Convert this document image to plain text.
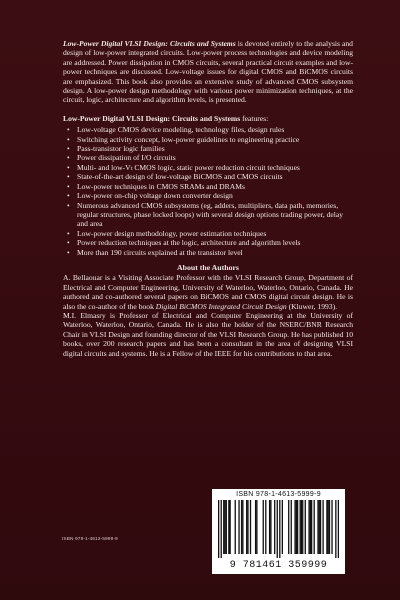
Low-Power Digital VLSI Design: Circuits and Systems is devoted entirely to the analysis and design of low-power integrated circuits. Low-power process technologies and device modeling are addressed. Power dissipation in CMOS circuits, several practical circuit examples and low-power techniques are discussed. Low-voltage issues for digital CMOS and BiCMOS circuits are emphasized. This book also provides an extensive study of advanced CMOS subsystem design. A low-power design methodology with various power minimization techniques, at the circuit, logic, architecture and algorithm levels, is presented.

Low-Power Digital VLSI Design: Circuits and Systems features:

• Low-voltage CMOS device modeling, technology files, design rules
• Switching activity concept, low-power guidelines to engineering practice
• Pass-transistor logic families
• Power dissipation of I/O circuits
• Multi- and low-Vₜ CMOS logic, static power reduction circuit techniques
• State-of-the-art design of low-voltage BiCMOS and CMOS circuits
• Low-power techniques in CMOS SRAMs and DRAMs
• Low-power on-chip voltage down converter design
• Numerous advanced CMOS subsystems (eg, adders, multipliers, data path, memories, regular structures, phase locked loops) with several design options trading power, delay and area
• Low-power design methodology, power estimation techniques
• Power reduction techniques at the logic, architecture and algorithm levels
• More than 190 circuits explained at the transistor level
About the Authors

A. Bellaouar is a Visiting Associate Professor with the VLSI Research Group, Department of Electrical and Computer Engineering, University of Waterloo, Waterloo, Ontario, Canada. He authored and co-authored several papers on BiCMOS and CMOS digital circuit design. He is also the co-author of the book Digital BiCMOS Integrated Circuit Design (Kluwer, 1993).

M.I. Elmasry is Professor of Electrical and Computer Engineering at the University of Waterloo, Waterloo, Ontario, Canada. He is also the holder of the NSERC/BNR Research Chair in VLSI Design and founding director of the VLSI Research Group. He has published 10 books, over 200 research papers and has been a consultant in the area of designing VLSI digital circuits and systems. He is a Fellow of the IEEE for his contributions to that area.

ISBN 978-1-4613-5999-9
ISBN 978-1-4613-5999-9
9 781461 359999
